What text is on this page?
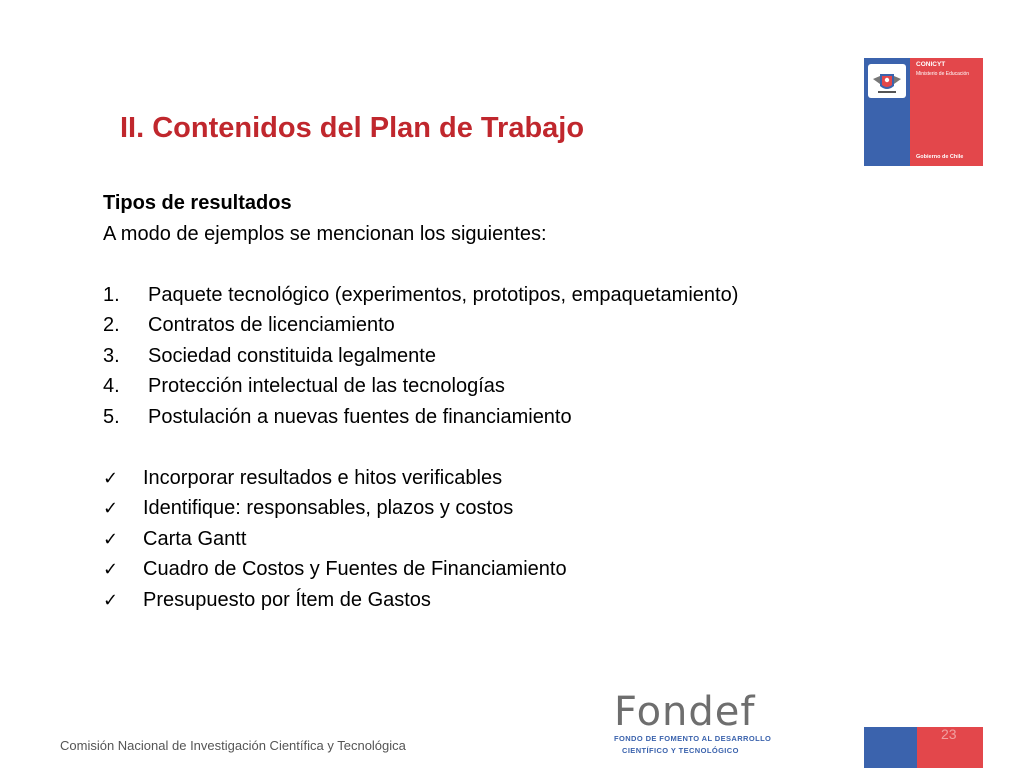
II. Contenidos del Plan de Trabajo
CONICYT
Ministerio de Educación
Gobierno de Chile
Tipos de resultados
A modo de ejemplos se mencionan los siguientes:
1.	Paquete tecnológico (experimentos, prototipos, empaquetamiento)
2.	Contratos de licenciamiento
3.	Sociedad constituida legalmente
4.	Protección intelectual de las tecnologías
5.	Postulación a nuevas fuentes de financiamiento
✓	Incorporar resultados e hitos verificables
✓	Identifique: responsables, plazos y costos
✓	Carta Gantt
✓	Cuadro de Costos y Fuentes de Financiamiento
✓	Presupuesto por Ítem de Gastos
Comisión Nacional de Investigación Científica y Tecnológica
Fondef
FONDO DE FOMENTO AL DESARROLLO
CIENTÍFICO Y TECNOLÓGICO
23
